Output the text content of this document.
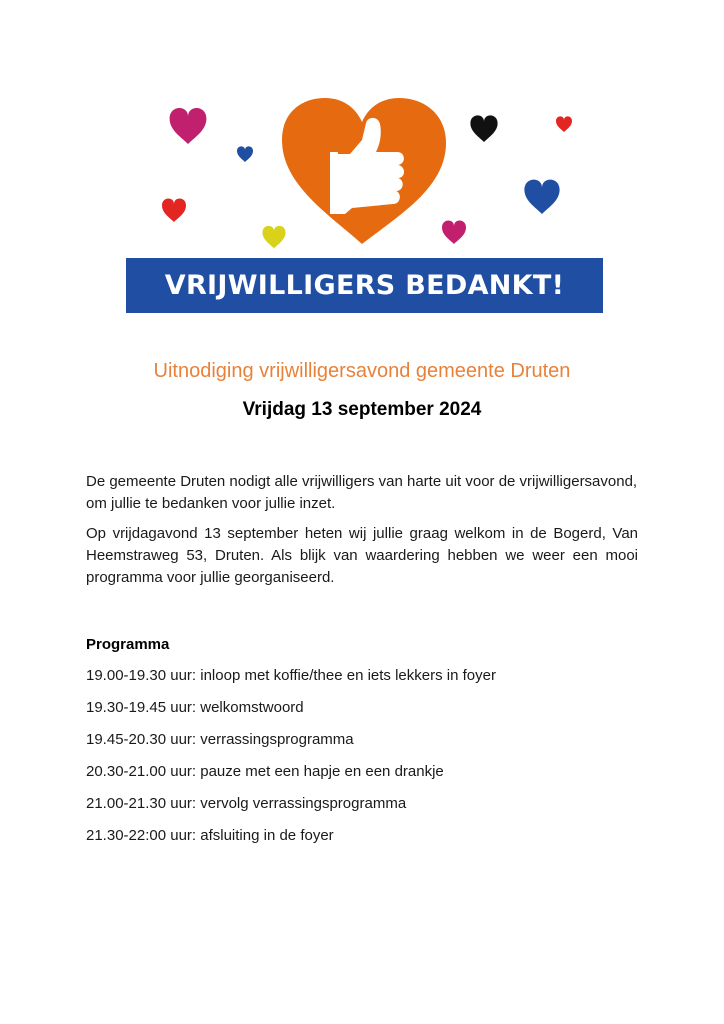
VRIJWILLIGERS BEDANKT!
Uitnodiging vrijwilligersavond gemeente Druten
Vrijdag 13 september 2024

De gemeente Druten nodigt alle vrijwilligers van harte uit voor de vrijwilligersavond, om jullie te bedanken voor jullie inzet.

Op vrijdagavond 13 september heten wij jullie graag welkom in de Bogerd, Van Heemstraweg 53, Druten. Als blijk van waardering hebben we weer een mooi programma voor jullie georganiseerd.

Programma
19.00-19.30 uur: inloop met koffie/thee en iets lekkers in foyer
19.30-19.45 uur: welkomstwoord
19.45-20.30 uur: verrassingsprogramma
20.30-21.00 uur: pauze met een hapje en een drankje
21.00-21.30 uur: vervolg verrassingsprogramma
21.30-22:00 uur: afsluiting in de foyer
